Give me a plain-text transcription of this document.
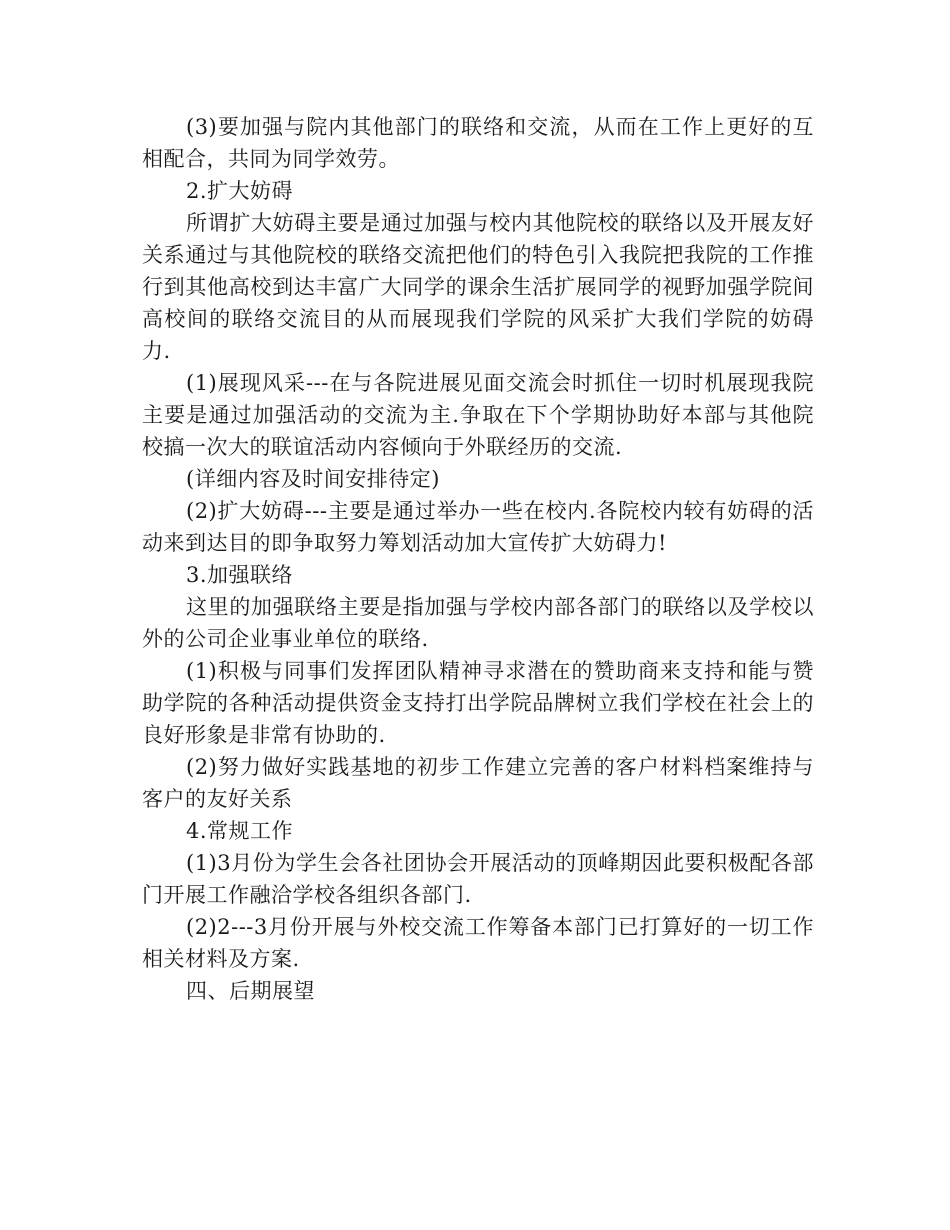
(3)要加强与院内其他部门的联络和交流，从而在工作上更好的互相配合，共同为同学效劳。

2.扩大妨碍

所谓扩大妨碍主要是通过加强与校内其他院校的联络以及开展友好关系通过与其他院校的联络交流把他们的特色引入我院把我院的工作推行到其他高校到达丰富广大同学的课余生活扩展同学的视野加强学院间高校间的联络交流目的从而展现我们学院的风采扩大我们学院的妨碍力.

(1)展现风采---在与各院进展见面交流会时抓住一切时机展现我院主要是通过加强活动的交流为主.争取在下个学期协助好本部与其他院校搞一次大的联谊活动内容倾向于外联经历的交流.

(详细内容及时间安排待定)

(2)扩大妨碍---主要是通过举办一些在校内.各院校内较有妨碍的活动来到达目的即争取努力筹划活动加大宣传扩大妨碍力!

3.加强联络

这里的加强联络主要是指加强与学校内部各部门的联络以及学校以外的公司企业事业单位的联络.

(1)积极与同事们发挥团队精神寻求潜在的赞助商来支持和能与赞助学院的各种活动提供资金支持打出学院品牌树立我们学校在社会上的良好形象是非常有协助的.

(2)努力做好实践基地的初步工作建立完善的客户材料档案维持与客户的友好关系

4.常规工作

(1)3月份为学生会各社团协会开展活动的顶峰期因此要积极配各部门开展工作融洽学校各组织各部门.

(2)2---3月份开展与外校交流工作筹备本部门已打算好的一切工作相关材料及方案.

四、后期展望
